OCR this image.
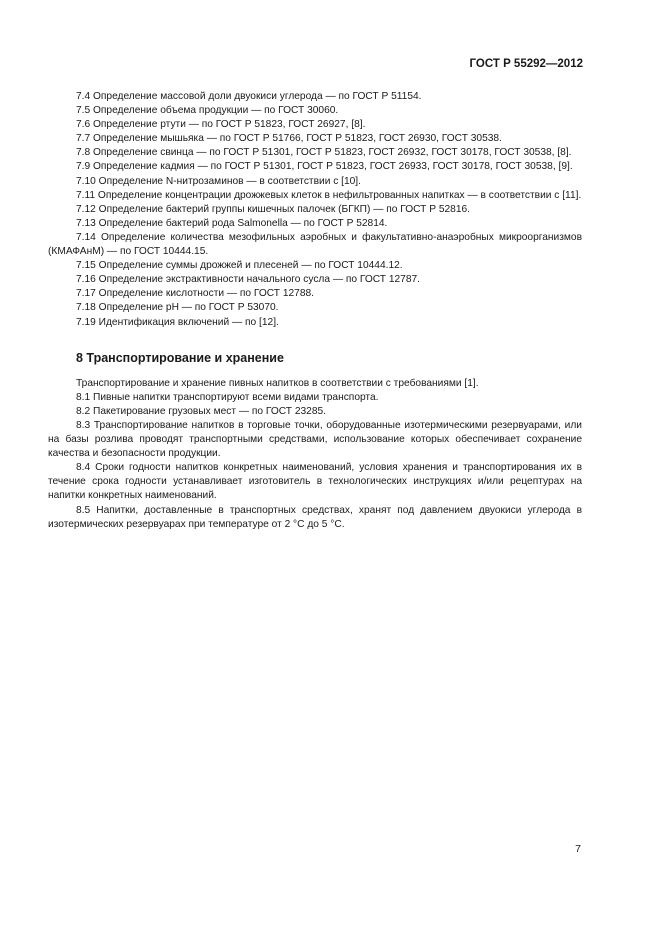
ГОСТ Р 55292—2012

7.4 Определение массовой доли двуокиси углерода — по ГОСТ Р 51154.

7.5 Определение объема продукции — по ГОСТ 30060.

7.6 Определение ртути — по ГОСТ Р 51823, ГОСТ 26927, [8].

7.7 Определение мышьяка — по ГОСТ Р 51766, ГОСТ Р 51823, ГОСТ 26930, ГОСТ 30538.

7.8 Определение свинца — по ГОСТ Р 51301, ГОСТ Р 51823, ГОСТ 26932, ГОСТ 30178, ГОСТ 30538, [8].

7.9 Определение кадмия — по ГОСТ Р 51301, ГОСТ Р 51823, ГОСТ 26933, ГОСТ 30178, ГОСТ 30538, [9].

7.10 Определение N-нитрозаминов — в соответствии с [10].

7.11 Определение концентрации дрожжевых клеток в нефильтрованных напитках — в соответствии с [11].

7.12 Определение бактерий группы кишечных палочек (БГКП) — по ГОСТ Р 52816.

7.13 Определение бактерий рода Salmonella — по ГОСТ Р 52814.

7.14 Определение количества мезофильных аэробных и факультативно-анаэробных микроорганизмов (КМАФАнМ) — по ГОСТ 10444.15.

7.15 Определение суммы дрожжей и плесеней — по ГОСТ 10444.12.

7.16 Определение экстрактивности начального сусла — по ГОСТ 12787.

7.17 Определение кислотности — по ГОСТ 12788.

7.18 Определение pH — по ГОСТ Р 53070.

7.19 Идентификация включений — по [12].

8 Транспортирование и хранение

Транспортирование и хранение пивных напитков в соответствии с требованиями [1].

8.1 Пивные напитки транспортируют всеми видами транспорта.

8.2 Пакетирование грузовых мест — по ГОСТ 23285.

8.3 Транспортирование напитков в торговые точки, оборудованные изотермическими резервуарами, или на базы розлива проводят транспортными средствами, использование которых обеспечивает сохранение качества и безопасности продукции.

8.4 Сроки годности напитков конкретных наименований, условия хранения и транспортирования их в течение срока годности устанавливает изготовитель в технологических инструкциях и/или рецептурах на напитки конкретных наименований.

8.5 Напитки, доставленные в транспортных средствах, хранят под давлением двуокиси углерода в изотермических резервуарах при температуре от 2 °С до 5 °С.

7
